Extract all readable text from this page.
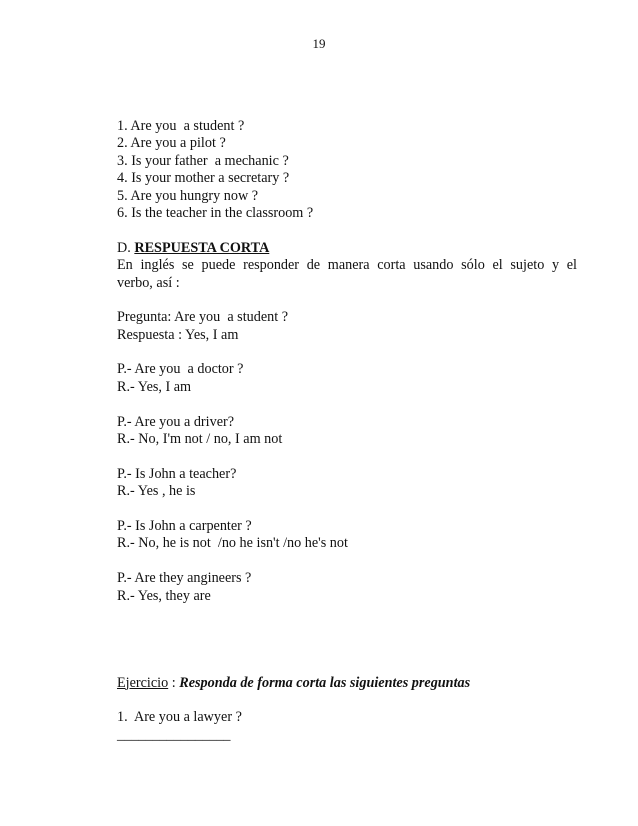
19
1. Are you  a student ?
2. Are you a pilot ?
3. Is your father  a mechanic ?
4. Is your mother a secretary ?
5. Are you hungry now ?
6. Is the teacher in the classroom ?
D. RESPUESTA CORTA
En inglés se puede responder de manera corta usando sólo el sujeto y el
verbo, así :
Pregunta: Are you  a student ?
Respuesta : Yes, I am
P.- Are you  a doctor ?
R.- Yes, I am
P.- Are you a driver?
R.- No, I'm not / no, I am not
P.- Is John a teacher?
R.- Yes , he is
P.- Is John a carpenter ?
R.- No, he is not  /no he isn't /no he's not
P.- Are they angineers ?
R.- Yes, they are
Ejercicio : Responda de forma corta las siguientes preguntas
1.  Are you a lawyer ?
________________
